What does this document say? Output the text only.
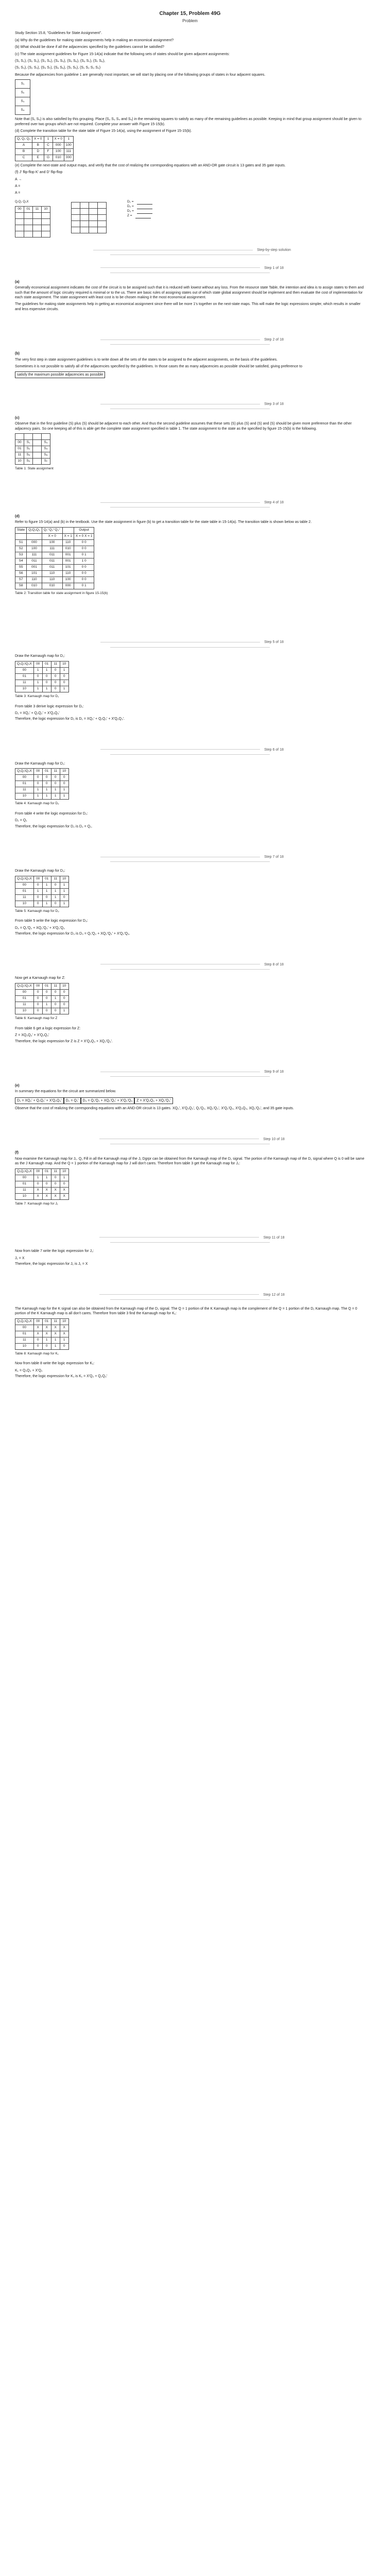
Chapter 15, Problem 49G
Problem

Study Section 15.8, "Guidelines for State Assignment".

(a) Why do the guidelines for making state assignments help in making an economical assignment?

(b) What should be done if all the adjacencies specified by the guidelines cannot be satisfied?

(c) The state assignment guidelines for Figure 15-14(a) indicate that the following sets of states should be given adjacent assignments:

(S₁ S₂), (S₂ S₃), (S₃ S₄), (S₄ S₅), (S₅ S₆), (S₆ S₇), (S₇ S₈),

(S₁ S₃), (S₂ S₄), (S₅ S₇), (S₆ S₈), (S₁ S₅), (S₁ S₂ S₃ S₄)

Because the adjacencies from guideline 1 are generally most important, we will start by placing one of the following groups of states in four adjacent squares.

S₁
S₂
S₃
S₄

Note that (S₁ S₅) is also satisfied by this grouping. Place (S₂ S₃ S₄ and S₅) in the remaining squares to satisfy as many of the remaining guidelines as possible. Keeping in mind that group assignment should be given to preferred over two groups which are not required. Complete your answer with Figure 15-15(b).

(d) Complete the transition table for the state table of Figure 15-14(a), using the assignment of Figure 15-15(b).

Q₁ Q₂ Q₃	X = 0	1	X = 0	1
A	B	C	000	100
B	D	F	100	111
C	E	G	010	000

(e) Complete the next-state and output maps, and verify that the cost of realizing the corresponding equations with an AND-OR gate circuit is 13 gates and 35 gate inputs.

(f) J' flip-flop K' and D' flip-flop

A →

A =

A =

Q₁Q₂ Q₃X
00	01	11	10

D₁ =
D₂ =
D₃ =
Z =

Step-by-step solution

Step 1 of 18

(a)

Generally economical assignment indicates the cost of the circuit is to be assigned such that it is reduced with lowest without any loss. From the resource state Table, the intention and idea is to assign states to them and such that the amount of logic circuitry required is minimal or to the us. There are basic rules of assigning states out of which state global assignment should be implement and then evaluate the cost of implementation for each state assignment. The state assignment with least cost is to be chosen making it the most economical assignment.

The guidelines for making state assignments help in getting an economical assignment since there will be more 1's together on the next-state maps. This will make the logic expressions simpler, which results in smaller and less expensive circuits.

Step 2 of 18

(b)

The very first step in state assignment guidelines is to write down all the sets of the states to be assigned to the adjacent assignments, on the basis of the guidelines.

Sometimes it is not possible to satisfy all of the adjacencies specified by the guidelines. In those cases the as many adjacencies as possible should be satisfied, giving preference to

satisfy the maximum possible adjacencies as possible

Step 3 of 18

(c)

Observe that in the first guideline (S) plus (S) should be adjacent to each other. And thus the second guideline assumes that these sets (S) plus (S) and (S) and (S) should be given more preference than the other adjacency pairs. So one keeping all of this is able get the complete state assignment specified in table 1. The state assignment to the state as the specified by figure 15-15(b) is the following.

00	S₁		S₃
01	S₂		S₄
11	S₆		S₈
10	S₅		S₇

Table 1: State assignment

Step 4 of 18

(d)

Refer to figure 15-14(a) and (b) in the textbook. Use the state assignment in figure (b) to get a transition table for the state table in 15-14(a). The transition table is shown below as table 2.

State	Q₁Q₂Q₃	Q₁⁺Q₂⁺Q₃⁺		Output
		X = 0	X = 1	X = 0 X = 1
S1	000	100	110	0 0
S2	100	111	010	0 0
S3	111	011	001	0 1
S4	011	011	001	1 0
S5	001	011	101	0 0
S6	101	110	110	0 0
S7	110	110	100	0 0
S8	010	010	000	0 1

Table 2: Transition table for state assignment in figure 15-15(b)

Step 5 of 18

Draw the Karnaugh map for D₁:

Q₁Q₂\Q₃X	00	01	11	10
00	1	1	0	1
01	0	0	0	0
11	1	0	0	0
10	1	1	0	1

Table 3: Karnaugh map for D₁

From table 3 derive logic expression for D₁:

D₁ = XQ₂' + Q₁Q₂' + X'Q₂Q₃'

Therefore, the logic expression for D₁ is D₁ = XQ₂' + Q₁Q₂' + X'Q₂Q₃'.

Step 6 of 18

Draw the Karnaugh map for D₂:

Q₁Q₂\Q₃X	00	01	11	10
00	0	0	0	0
01	0	0	0	0
11	1	1	1	1
10	1	1	1	1

Table 4: Karnaugh map for D₂

From table 4 write the logic expression for D₂:

D₂ = Q₁

Therefore, the logic expression for D₂ is D₂ = Q₁.

Step 7 of 18

Draw the Karnaugh map for D₃:

Q₁Q₂\Q₃X	00	01	11	10
00	0	1	0	1
01	1	1	1	1
11	0	0	1	0
10	0	1	0	1

Table 5: Karnaugh map for D₃

From table 5 write the logic expression for D₃:

D₃ = Q₁'Q₂ + XQ₂'Q₃' + X'Q₂'Q₃

Therefore, the logic expression for D₃ is D₃ = Q₁'Q₂ + XQ₂'Q₃' + X'Q₂'Q₃.

Step 8 of 18

Now get a Karnaugh map for Z:

Q₁Q₂\Q₃X	00	01	11	10
00	0	0	0	0
01	0	0	1	0
11	0	1	0	0
10	0	0	0	1

Table 6: Karnaugh map for Z

From table 6 get a logic expression for Z:

Z = XQ₂Q₃' + X'Q₂Q₃'

Therefore, the logic expression for Z is Z = X'Q₂Q₃ + XQ₂'Q₃'.

Step 9 of 18

(e)

In summary the equations for the circuit are summarized below.

D₁ = XQ₂' + Q₁Q₂' + X'Q₂Q₃' D₂ = Q₁' D₃ = Q₁'Q₂ + XQ₂'Q₃' + X'Q₂'Q₃ Z = X'Q₂Q₃ + XQ₂'Q₃'

Observe that the cost of realizing the corresponding equations with an AND-OR circuit is 13 gates. XQ₂', X'Q₂Q₃', Q₁'Q₂, XQ₂'Q₃', X'Q₂'Q₃, X'Q₂Q₃, XQ₂'Q₃', and 35 gate inputs.

Step 10 of 18

(f)

Now examine the Karnaugh map for J₁. Q₁ Fill in all the Karnaugh map of the J₁ Dgrpr can be obtained from the Karnaugh map of the D₁ signal. The portion of the Karnaugh map of the D₁ signal where Q is 0 will be same as the J Karnaugh map. And the Q = 1 portion of the Karnaugh map for J will don't cares. Therefore from table 3 get the Karnaugh map for J₁:

Q₁Q₂\Q₃X	00	01	11	10
00	1	1	0	1
01	0	0	0	0
11	X	X	X	X
10	X	X	X	X

Table 7: Karnaugh map for J₁

Step 11 of 18

Now from table 7 write the logic expression for J₁:

J₁ = X

Therefore, the logic expression for J₁ is J₁ = X

Step 12 of 18

The Karnaugh map for the K signal can also be obtained from the Karnaugh map of the D₁ signal. The Q = 1 portion of the K Karnaugh map is the complement of the Q = 1 portion of the D₁ Karnaugh map. The Q = 0 portion of the K Karnaugh map is all don't cares. Therefore from table 3 find the Karnaugh map for K₁:

Q₁Q₂\Q₃X	00	01	11	10
00	X	X	X	X
01	X	X	X	X
11	0	1	1	1
10	0	0	1	0

Table 8: Karnaugh map for K₁

Now from table 8 write the logic expression for K₁:

K₁ = Q₂Q₃ + X'Q₂

Therefore, the logic expression for K₁ is K₁ = X'Q₂ + Q₂Q₃'
